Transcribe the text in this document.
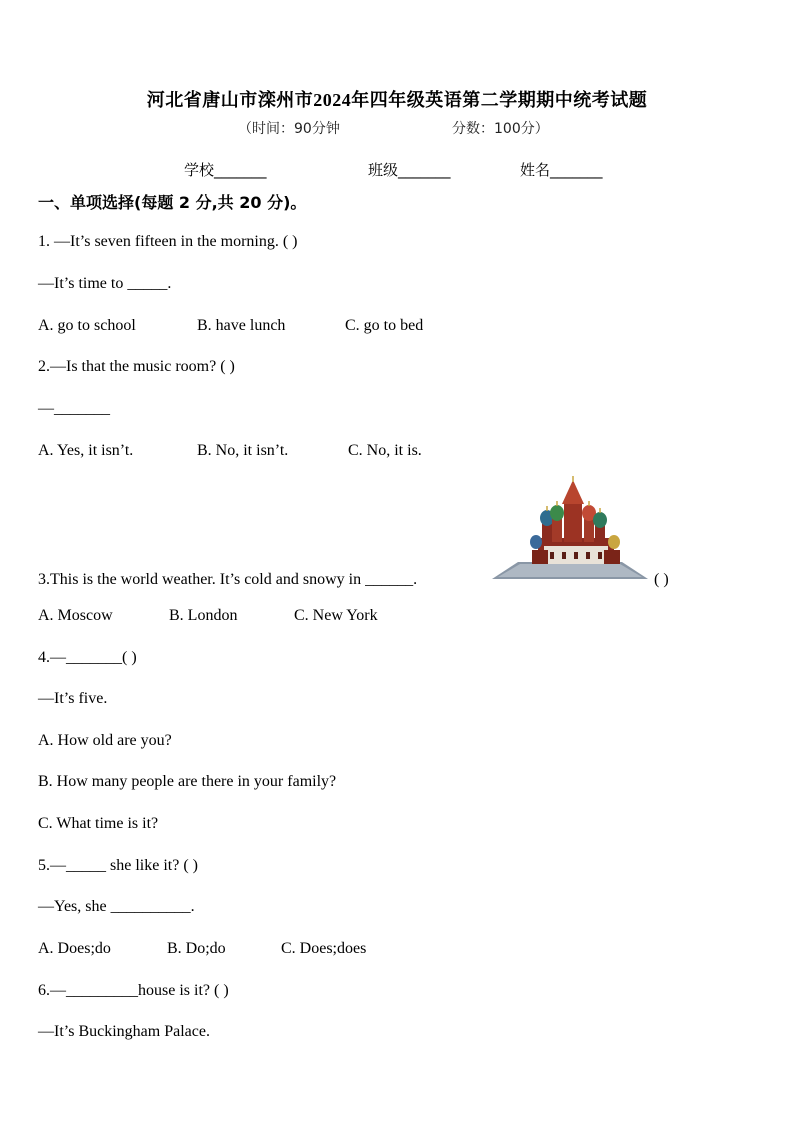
河北省唐山市滦州市2024年四年级英语第二学期期中统考试题
（时间：90分钟	分数：100分）
学校_______	班级_______	姓名_______
一、单项选择(每题 2 分,共 20 分)。
1. —It’s seven fifteen in the morning. ( )
—It’s time to _____.
A. go to school	B. have lunch	C. go to bed
2.—Is that the music room? ( )
—_______
A. Yes, it isn’t.	B. No, it isn’t.	C. No, it is.
3.This is the world weather. It’s cold and snowy in ______.	( )
A. Moscow	B. London	C. New York
4.—_______( )
—It’s five.
A. How old are you?
B. How many people are there in your family?
C. What time is it?
5.—_____ she like it? ( )
—Yes, she __________.
A. Does;do	B. Do;do	C. Does;does
6.—_________house is it? ( )
—It’s Buckingham Palace.
